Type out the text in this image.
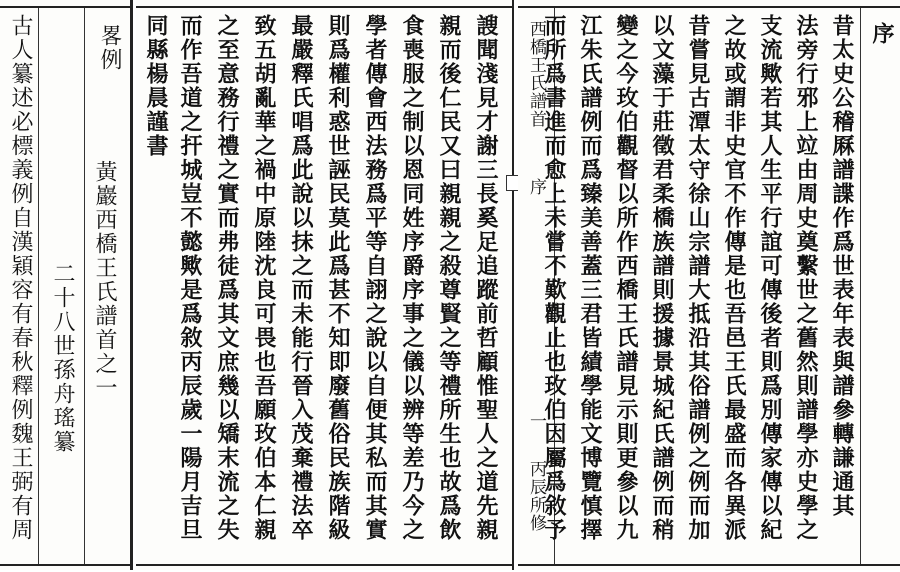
畧例
黃巖西橋王氏譜首之一
二十八世孫舟瑤纂
古人纂述必標義例自漢穎容有春秋釋例魏王弼有周	謏聞淺見才謝三長奚足追蹤前哲顧惟聖人之道先親
親而後仁民又曰親親之殺尊賢之等禮所生也故爲飲
食喪服之制以恩同姓序爵序事之儀以辨等差乃今之
學者傳會西法務爲平等自詡之說以自便其私而其實
則爲權利惑世誣民莫此爲甚不知即廢舊俗民族階級
最嚴釋氏唱爲此說以抹之而未能行晉入茂棄禮法卒
致五胡亂華之禍中原陸沈良可畏也吾願玫伯本仁親
之至意務行禮之實而弗徒爲其文庶幾以矯末流之失
而作吾道之扞城豈不懿歟是爲敘丙辰歲一陽月吉旦
同縣楊晨謹書	序
昔太史公稽厤譜諜作爲世表年表與譜參轉謙通其
法旁行邪上竝由周史奠繫世之舊然則譜學亦史學之
支流歟若其人生平行誼可傳後者則爲別傳家傳以紀
之故或謂非史官不作傳是也吾邑王氏最盛而各異派
昔嘗見古潭太守徐山宗譜大抵沿其俗譜例之例而加
以文藻于莊徵君柔橋族譜則援據景城紀氏譜例而稍
變之今玫伯觀督以所作西橋王氏譜見示則更參以九
江朱氏譜例而爲臻美善蓋三君皆績學能文博覽慎擇
而所爲書進而愈上未嘗不歎觀止也玫伯因屬爲敘予
西橋王氏譜首
序
一
丙辰所修
